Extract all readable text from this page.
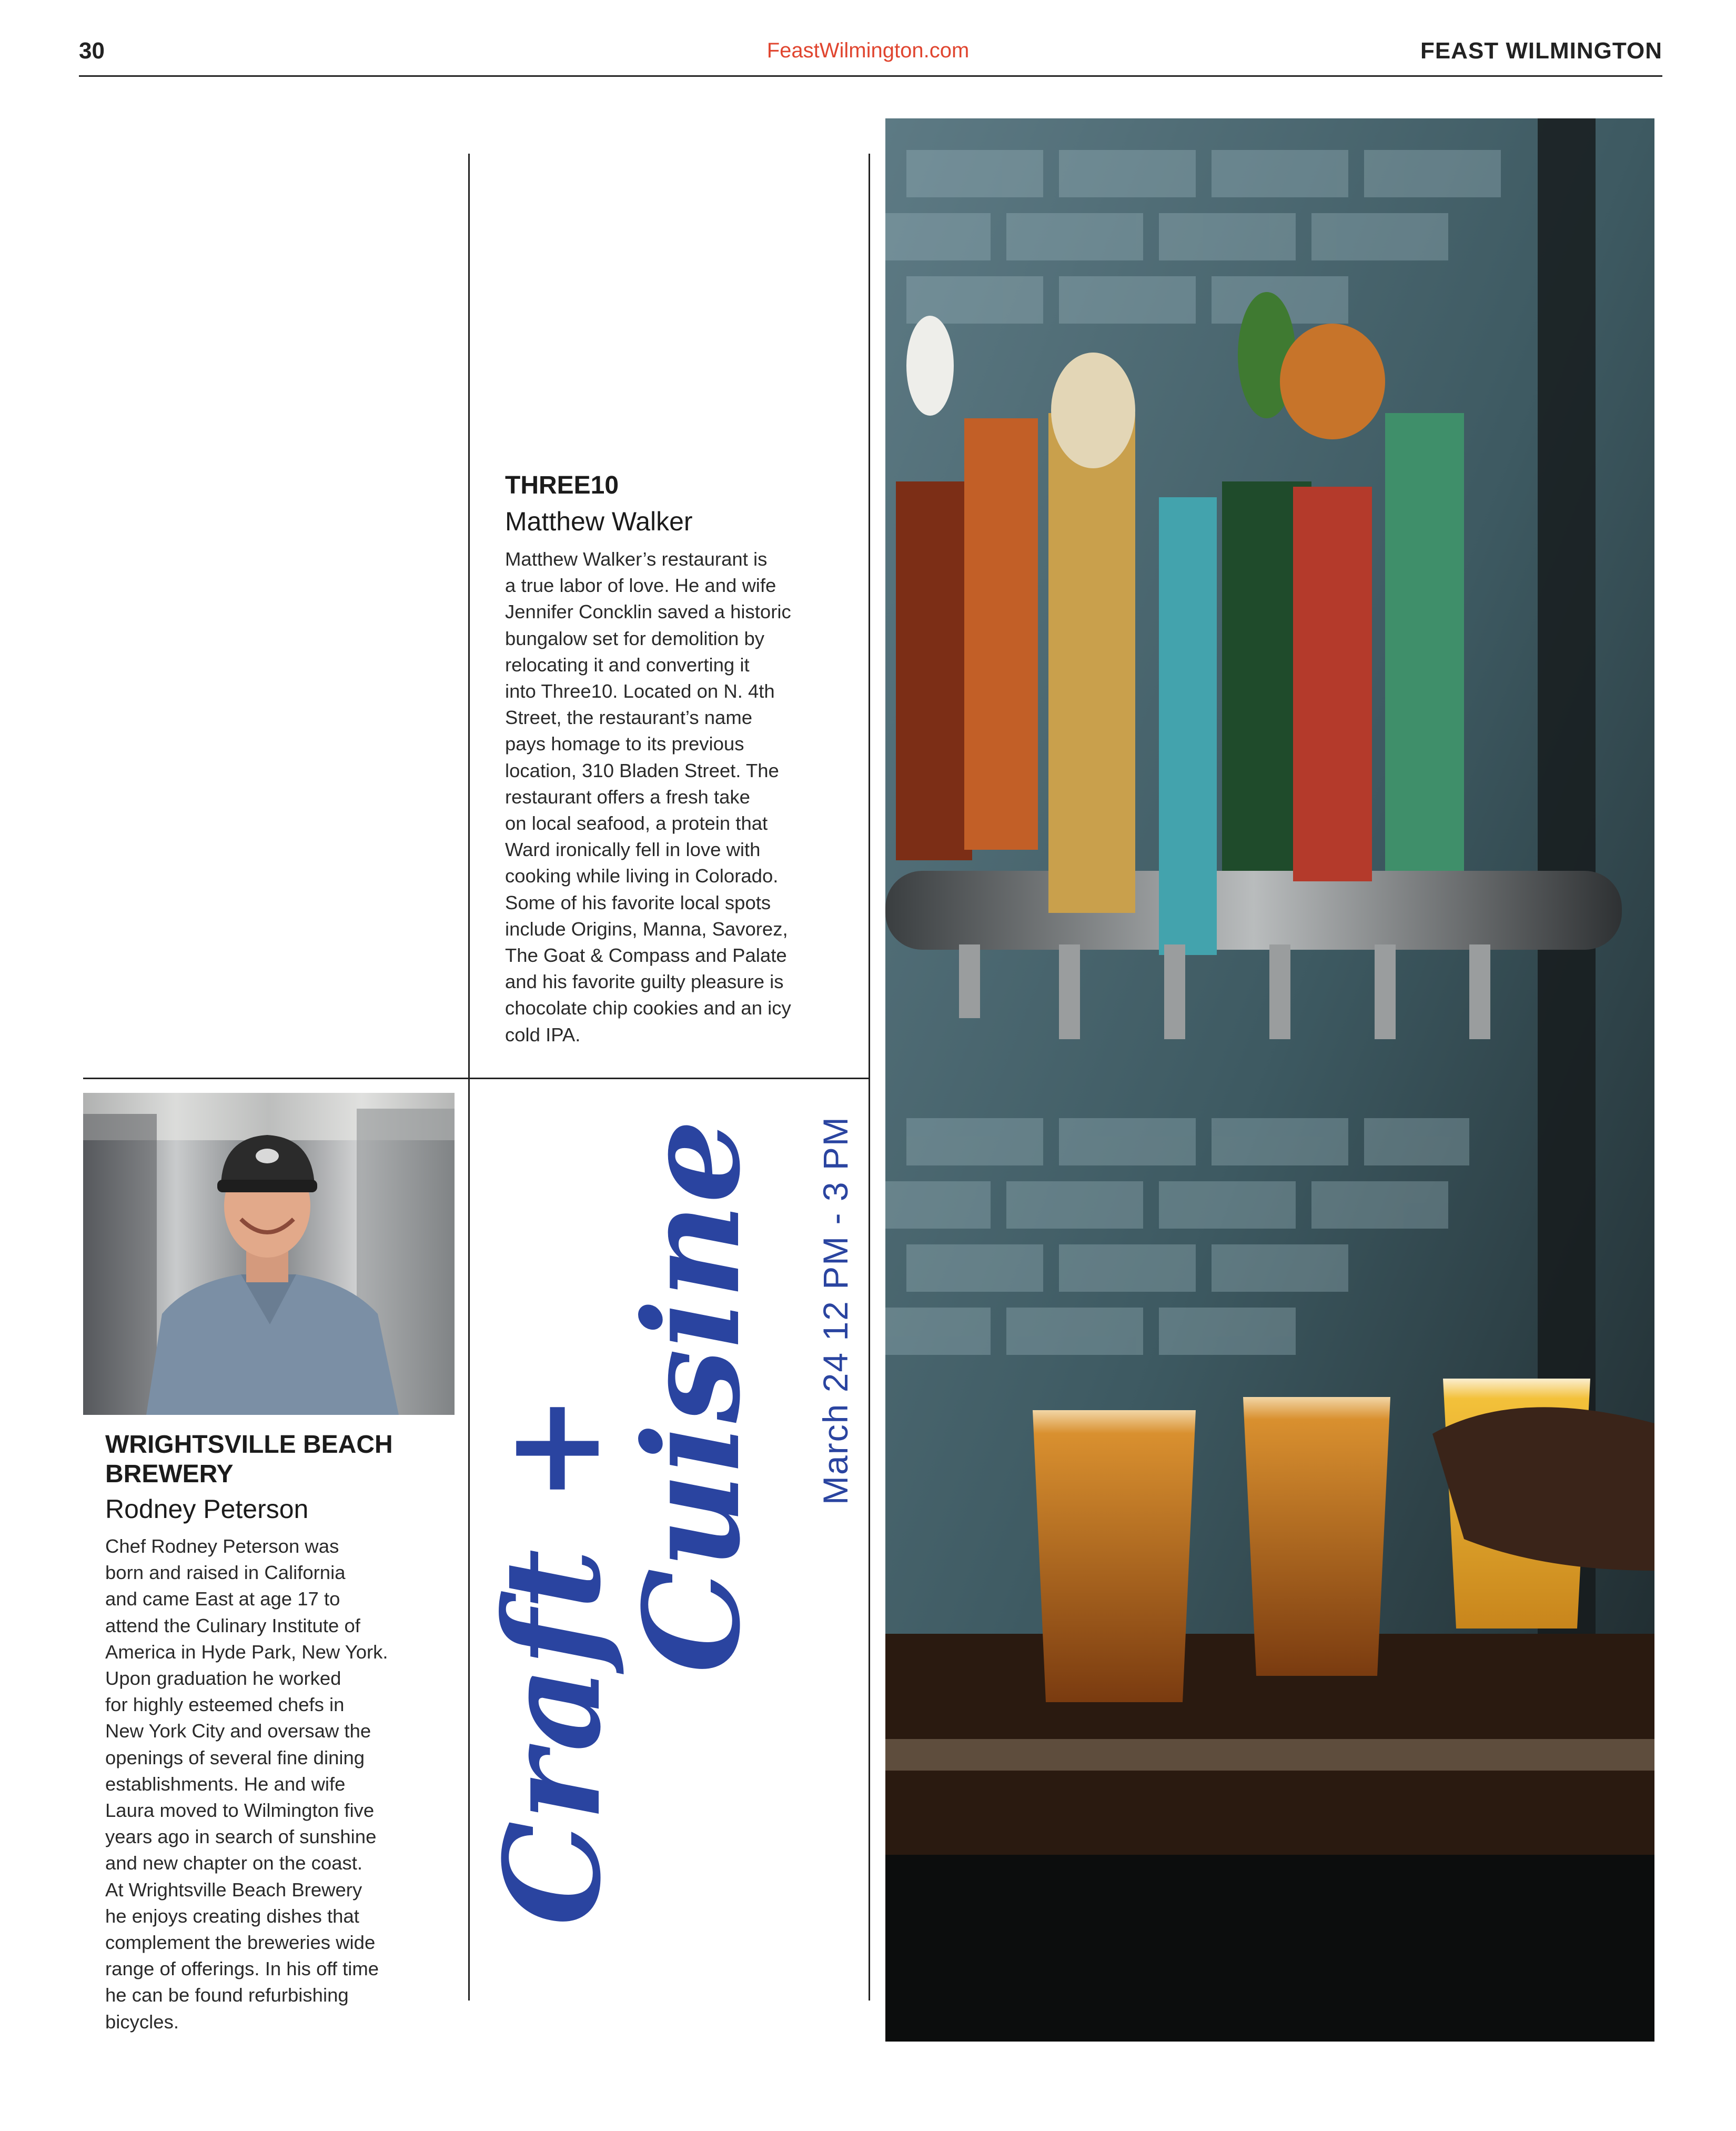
30	FeastWilmington.com	FEAST WILMINGTON
THREE10
Matthew Walker
Matthew Walker’s restaurant is
a true labor of love. He and wife
Jennifer Concklin saved a historic
bungalow set for demolition by
relocating it and converting it
into Three10. Located on N. 4th
Street, the restaurant’s name
pays homage to its previous
location, 310 Bladen Street. The
restaurant offers a fresh take
on local seafood, a protein that
Ward ironically fell in love with
cooking while living in Colorado.
Some of his favorite local spots
include Origins, Manna, Savorez,
The Goat & Compass and Palate
and his favorite guilty pleasure is
chocolate chip cookies and an icy
cold IPA.
WRIGHTSVILLE BEACH
BREWERY
Rodney Peterson
Chef Rodney Peterson was
born and raised in California
and came East at age 17 to
attend the Culinary Institute of
America in Hyde Park, New York.
Upon graduation he worked
for highly esteemed chefs in
New York City and oversaw the
openings of several fine dining
establishments. He and wife
Laura moved to Wilmington five
years ago in search of sunshine
and new chapter on the coast.
At Wrightsville Beach Brewery
he enjoys creating dishes that
complement the breweries wide
range of offerings. In his off time
he can be found refurbishing
bicycles.
Craft +
Cuisine March 24 12 PM - 3 PM
